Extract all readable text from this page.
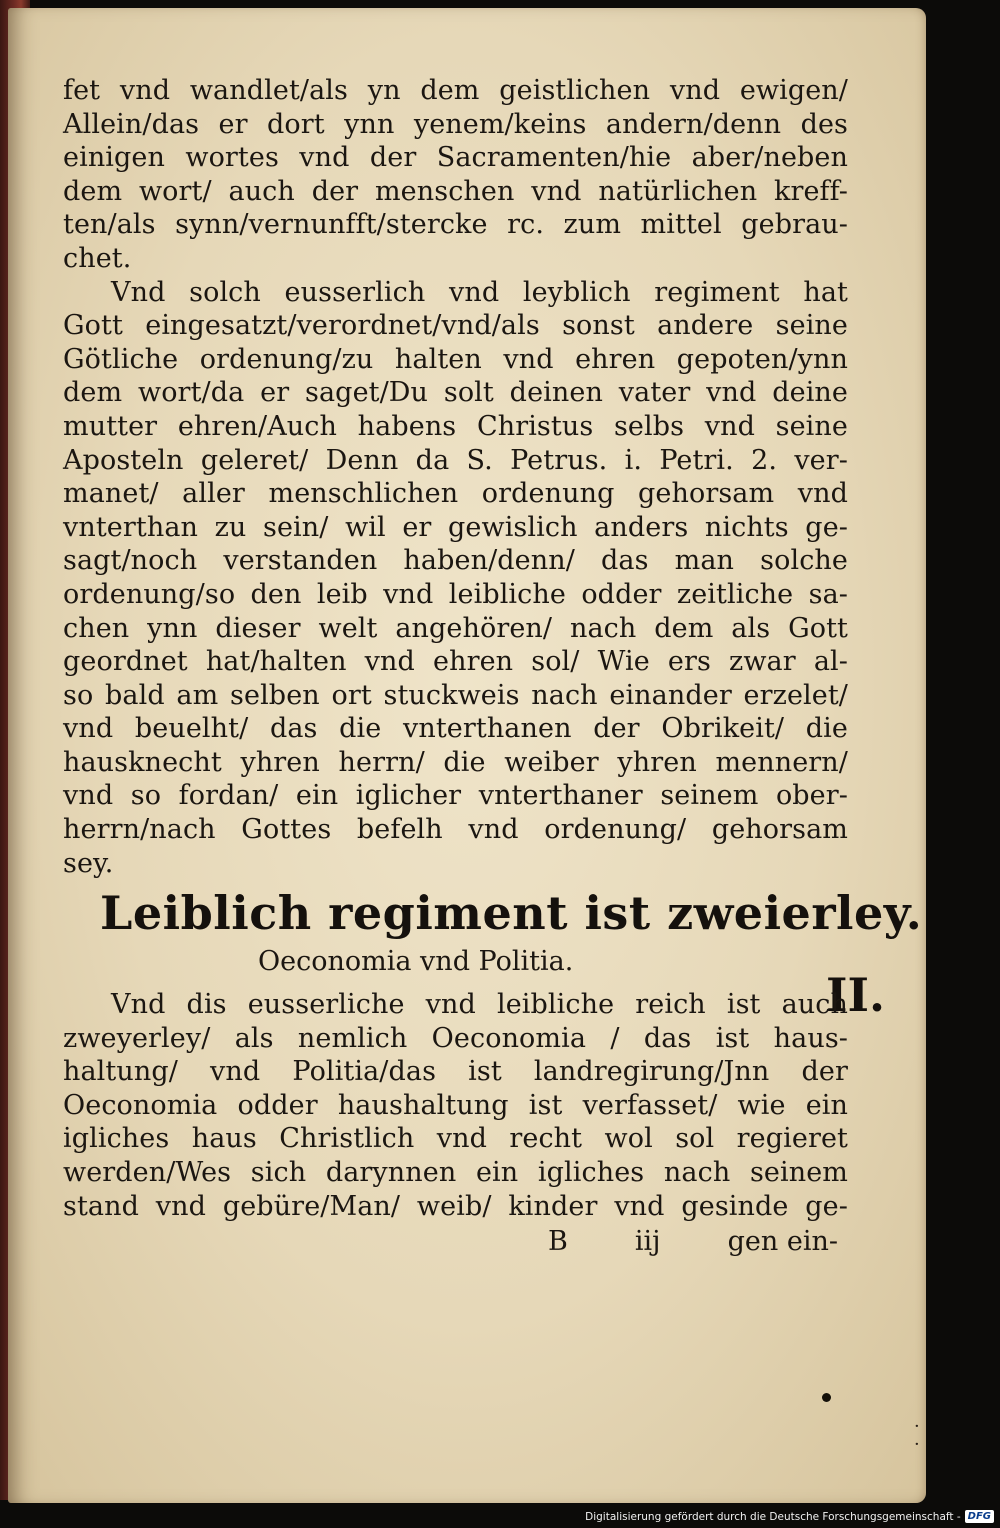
fet vnd wandlet/als yn dem geistlichen vnd ewigen/
Allein/das er dort ynn yenem/keins andern/denn des
einigen wortes vnd der Sacramenten/hie aber/neben
dem wort/ auch der menschen vnd natürlichen kreff-
ten/als synn/vernunfft/stercke rc. zum mittel gebrau-
chet.
Vnd solch eusserlich vnd leyblich regiment hat
Gott eingesatzt/verordnet/vnd/als sonst andere seine
Götliche ordenung/zu halten vnd ehren gepoten/ynn
dem wort/da er saget/Du solt deinen vater vnd deine
mutter ehren/Auch habens Christus selbs vnd seine
Aposteln geleret/ Denn da S. Petrus. i. Petri. 2. ver-
manet/ aller menschlichen ordenung gehorsam vnd
vnterthan zu sein/ wil er gewislich anders nichts ge-
sagt/noch verstanden haben/denn/ das man solche
ordenung/so den leib vnd leibliche odder zeitliche sa-
chen ynn dieser welt angehören/ nach dem als Gott
geordnet hat/halten vnd ehren sol/ Wie ers zwar al-
so bald am selben ort stuckweis nach einander erzelet/
vnd beuelht/ das die vnterthanen der Obrikeit/ die
hausknecht yhren herrn/ die weiber yhren mennern/
vnd so fordan/ ein iglicher vnterthaner seinem ober-
herrn/nach Gottes befelh vnd ordenung/ gehorsam
sey.
Leiblich regiment ist zweierley.
Oeconomia vnd Politia.
II.
Vnd dis eusserliche vnd leibliche reich ist auch
zweyerley/ als nemlich Oeconomia / das ist haus-
haltung/ vnd Politia/das ist landregirung/Jnn der
Oeconomia odder haushaltung ist verfasset/ wie ein
igliches haus Christlich vnd recht wol sol regieret
werden/Wes sich darynnen ein igliches nach seinem
stand vnd gebüre/Man/ weib/ kinder vnd gesinde ge-
B iij gen ein-
·
·
Digitalisierung gefördert durch die Deutsche Forschungsgemeinschaft - DFG
